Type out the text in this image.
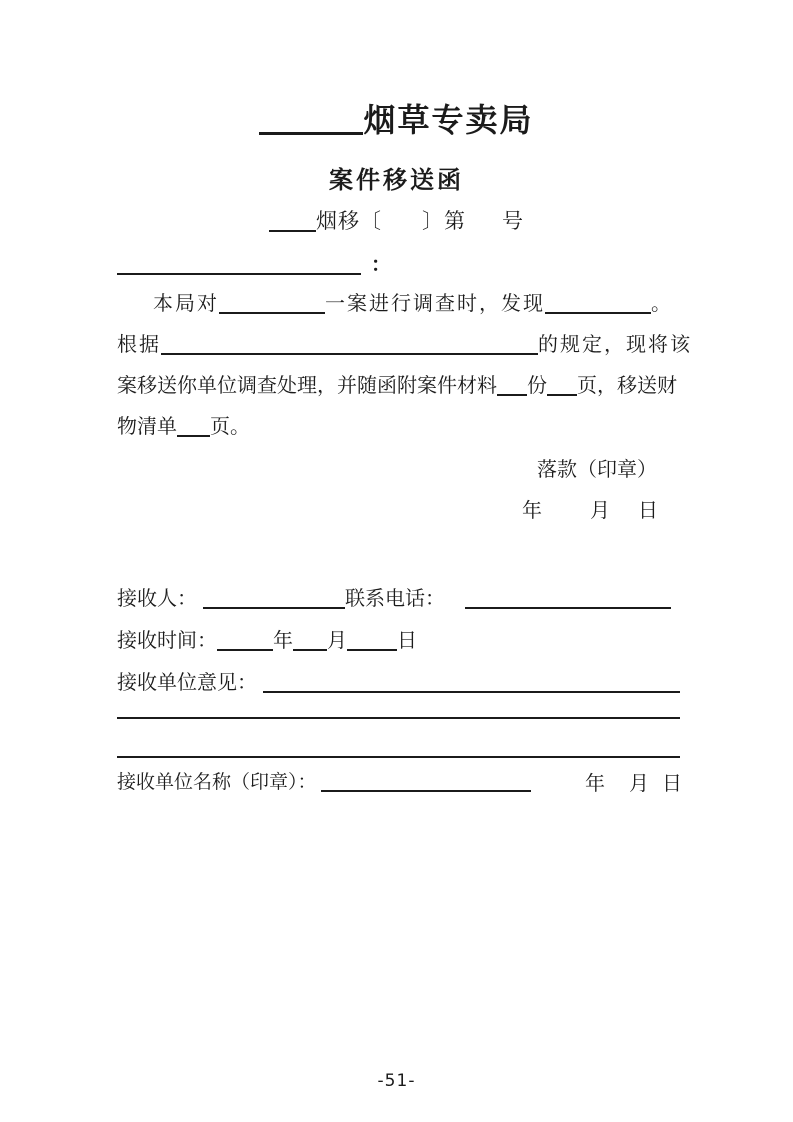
烟草专卖局
案件移送函
烟移〔 〕第 号
：
本局对	一案进行调查时，发现	。
根据	的规定，现将该
案移送你单位调查处理，并随函附案件材料 份 页，移送财
物清单 页。
落款（印章）
年 月 日
接收人：	联系电话：
接收时间：	年 月	日
接收单位意见：
接收单位名称（印章）：	年 月 日
-51-
